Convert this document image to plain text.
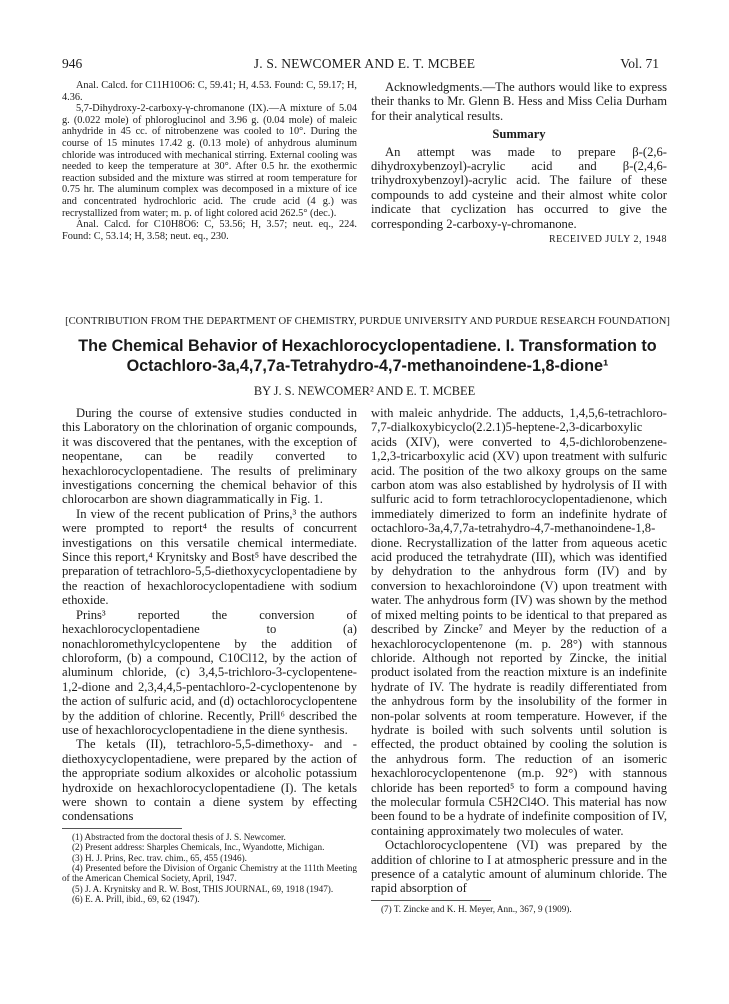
946	J. S. NEWCOMER AND E. T. MCBEE	Vol. 71

Anal. Calcd. for C11H10O6: C, 59.41; H, 4.53. Found: C, 59.17; H, 4.36.

5,7-Dihydroxy-2-carboxy-γ-chromanone (IX).—A mixture of 5.04 g. (0.022 mole) of phloroglucinol and 3.96 g. (0.04 mole) of maleic anhydride in 45 cc. of nitrobenzene was cooled to 10°. During the course of 15 minutes 17.42 g. (0.13 mole) of anhydrous aluminum chloride was introduced with mechanical stirring. External cooling was needed to keep the temperature at 30°. After 0.5 hr. the exothermic reaction subsided and the mixture was stirred at room temperature for 0.75 hr. The aluminum complex was decomposed in a mixture of ice and concentrated hydrochloric acid. The crude acid (4 g.) was recrystallized from water; m. p. of light colored acid 262.5° (dec.).

Anal. Calcd. for C10H8O6: C, 53.56; H, 3.57; neut. eq., 224. Found: C, 53.14; H, 3.58; neut. eq., 230.

Acknowledgments.—The authors would like to express their thanks to Mr. Glenn B. Hess and Miss Celia Durham for their analytical results.

Summary

An attempt was made to prepare β-(2,6-dihydroxybenzoyl)-acrylic acid and β-(2,4,6-trihydroxybenzoyl)-acrylic acid. The failure of these compounds to add cysteine and their almost white color indicate that cyclization has occurred to give the corresponding 2-carboxy-γ-chromanone.

RECEIVED JULY 2, 1948
[CONTRIBUTION FROM THE DEPARTMENT OF CHEMISTRY, PURDUE UNIVERSITY AND PURDUE RESEARCH FOUNDATION]
The Chemical Behavior of Hexachlorocyclopentadiene. I. Transformation to
Octachloro-3a,4,7,7a-Tetrahydro-4,7-methanoindene-1,8-dione¹
BY J. S. NEWCOMER² AND E. T. MCBEE

During the course of extensive studies conducted in this Laboratory on the chlorination of organic compounds, it was discovered that the pentanes, with the exception of neopentane, can be readily converted to hexachlorocyclopentadiene. The results of preliminary investigations concerning the chemical behavior of this chlorocarbon are shown diagrammatically in Fig. 1.

In view of the recent publication of Prins,³ the authors were prompted to report⁴ the results of concurrent investigations on this versatile chemical intermediate. Since this report,⁴ Krynitsky and Bost⁵ have described the preparation of tetrachloro-5,5-diethoxycyclopentadiene by the reaction of hexachlorocyclopentadiene with sodium ethoxide.

Prins³ reported the conversion of hexachlorocyclopentadiene to (a) nonachloromethylcyclopentene by the addition of chloroform, (b) a compound, C10Cl12, by the action of aluminum chloride, (c) 3,4,5-trichloro-3-cyclopentene-1,2-dione and 2,3,4,4,5-pentachloro-2-cyclopentenone by the action of sulfuric acid, and (d) octachlorocyclopentene by the addition of chlorine. Recently, Prill⁶ described the use of hexachlorocyclopentadiene in the diene synthesis.

The ketals (II), tetrachloro-5,5-dimethoxy- and -diethoxycyclopentadiene, were prepared by the action of the appropriate sodium alkoxides or alcoholic potassium hydroxide on hexachlorocyclopentadiene (I). The ketals were shown to contain a diene system by effecting condensations

(1) Abstracted from the doctoral thesis of J. S. Newcomer.

(2) Present address: Sharples Chemicals, Inc., Wyandotte, Michigan.

(3) H. J. Prins, Rec. trav. chim., 65, 455 (1946).

(4) Presented before the Division of Organic Chemistry at the 111th Meeting of the American Chemical Society, April, 1947.

(5) J. A. Krynitsky and R. W. Bost, THIS JOURNAL, 69, 1918 (1947).

(6) E. A. Prill, ibid., 69, 62 (1947).

with maleic anhydride. The adducts, 1,4,5,6-tetrachloro-7,7-dialkoxybicyclo(2.2.1)5-heptene-2,3-dicarboxylic acids (XIV), were converted to 4,5-dichlorobenzene-1,2,3-tricarboxylic acid (XV) upon treatment with sulfuric acid. The position of the two alkoxy groups on the same carbon atom was also established by hydrolysis of II with sulfuric acid to form tetrachlorocyclopentadienone, which immediately dimerized to form an indefinite hydrate of octachloro-3a,4,7,7a-tetrahydro-4,7-methanoindene-1,8-dione. Recrystallization of the latter from aqueous acetic acid produced the tetrahydrate (III), which was identified by dehydration to the anhydrous form (IV) and by conversion to hexachloroindone (V) upon treatment with water. The anhydrous form (IV) was shown by the method of mixed melting points to be identical to that prepared as described by Zincke⁷ and Meyer by the reduction of a hexachlorocyclopentenone (m. p. 28°) with stannous chloride. Although not reported by Zincke, the initial product isolated from the reaction mixture is an indefinite hydrate of IV. The hydrate is readily differentiated from the anhydrous form by the insolubility of the former in non-polar solvents at room temperature. However, if the hydrate is boiled with such solvents until solution is effected, the product obtained by cooling the solution is the anhydrous form. The reduction of an isomeric hexachlorocyclopentenone (m.p. 92°) with stannous chloride has been reported⁵ to form a compound having the molecular formula C5H2Cl4O. This material has now been found to be a hydrate of indefinite composition of IV, containing approximately two molecules of water.

Octachlorocyclopentene (VI) was prepared by the addition of chlorine to I at atmospheric pressure and in the presence of a catalytic amount of aluminum chloride. The rapid absorption of

(7) T. Zincke and K. H. Meyer, Ann., 367, 9 (1909).
